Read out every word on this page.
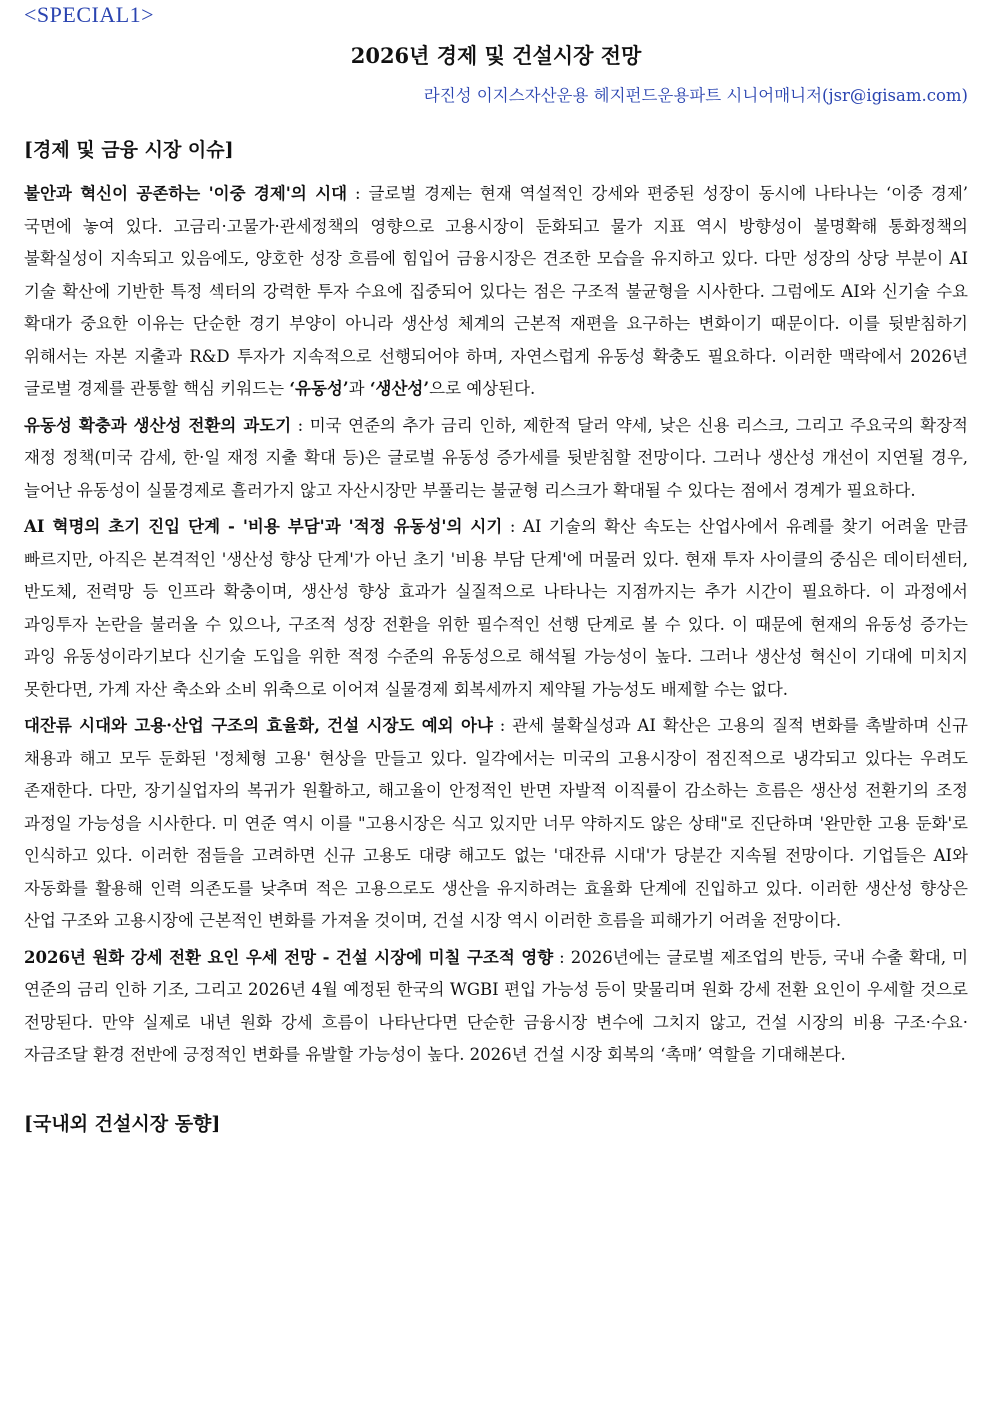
<SPECIAL1>
2026년 경제 및 건설시장 전망
라진성 이지스자산운용 헤지펀드운용파트 시니어매니저(jsr@igisam.com)
[경제 및 금융 시장 이슈]

불안과 혁신이 공존하는 '이중 경제'의 시대 : 글로벌 경제는 현재 역설적인 강세와 편중된 성장이 동시에 나타나는 ‘이중 경제’ 국면에 놓여 있다. 고금리·고물가·관세정책의 영향으로 고용시장이 둔화되고 물가 지표 역시 방향성이 불명확해 통화정책의 불확실성이 지속되고 있음에도, 양호한 성장 흐름에 힘입어 금융시장은 견조한 모습을 유지하고 있다. 다만 성장의 상당 부분이 AI 기술 확산에 기반한 특정 섹터의 강력한 투자 수요에 집중되어 있다는 점은 구조적 불균형을 시사한다. 그럼에도 AI와 신기술 수요 확대가 중요한 이유는 단순한 경기 부양이 아니라 생산성 체계의 근본적 재편을 요구하는 변화이기 때문이다. 이를 뒷받침하기 위해서는 자본 지출과 R&D 투자가 지속적으로 선행되어야 하며, 자연스럽게 유동성 확충도 필요하다. 이러한 맥락에서 2026년 글로벌 경제를 관통할 핵심 키워드는 ‘유동성’과 ‘생산성’으로 예상된다.

유동성 확충과 생산성 전환의 과도기 : 미국 연준의 추가 금리 인하, 제한적 달러 약세, 낮은 신용 리스크, 그리고 주요국의 확장적 재정 정책(미국 감세, 한·일 재정 지출 확대 등)은 글로벌 유동성 증가세를 뒷받침할 전망이다. 그러나 생산성 개선이 지연될 경우, 늘어난 유동성이 실물경제로 흘러가지 않고 자산시장만 부풀리는 불균형 리스크가 확대될 수 있다는 점에서 경계가 필요하다.

AI 혁명의 초기 진입 단계 - '비용 부담'과 '적정 유동성'의 시기 : AI 기술의 확산 속도는 산업사에서 유례를 찾기 어려울 만큼 빠르지만, 아직은 본격적인 '생산성 향상 단계'가 아닌 초기 '비용 부담 단계'에 머물러 있다. 현재 투자 사이클의 중심은 데이터센터, 반도체, 전력망 등 인프라 확충이며, 생산성 향상 효과가 실질적으로 나타나는 지점까지는 추가 시간이 필요하다. 이 과정에서 과잉투자 논란을 불러올 수 있으나, 구조적 성장 전환을 위한 필수적인 선행 단계로 볼 수 있다. 이 때문에 현재의 유동성 증가는 과잉 유동성이라기보다 신기술 도입을 위한 적정 수준의 유동성으로 해석될 가능성이 높다. 그러나 생산성 혁신이 기대에 미치지 못한다면, 가계 자산 축소와 소비 위축으로 이어져 실물경제 회복세까지 제약될 가능성도 배제할 수는 없다.

대잔류 시대와 고용·산업 구조의 효율화, 건설 시장도 예외 아냐 : 관세 불확실성과 AI 확산은 고용의 질적 변화를 촉발하며 신규 채용과 해고 모두 둔화된 '정체형 고용' 현상을 만들고 있다. 일각에서는 미국의 고용시장이 점진적으로 냉각되고 있다는 우려도 존재한다. 다만, 장기실업자의 복귀가 원활하고, 해고율이 안정적인 반면 자발적 이직률이 감소하는 흐름은 생산성 전환기의 조정 과정일 가능성을 시사한다. 미 연준 역시 이를 "고용시장은 식고 있지만 너무 약하지도 않은 상태"로 진단하며 '완만한 고용 둔화'로 인식하고 있다. 이러한 점들을 고려하면 신규 고용도 대량 해고도 없는 '대잔류 시대'가 당분간 지속될 전망이다. 기업들은 AI와 자동화를 활용해 인력 의존도를 낮추며 적은 고용으로도 생산을 유지하려는 효율화 단계에 진입하고 있다. 이러한 생산성 향상은 산업 구조와 고용시장에 근본적인 변화를 가져올 것이며, 건설 시장 역시 이러한 흐름을 피해가기 어려울 전망이다.

2026년 원화 강세 전환 요인 우세 전망 - 건설 시장에 미칠 구조적 영향 : 2026년에는 글로벌 제조업의 반등, 국내 수출 확대, 미 연준의 금리 인하 기조, 그리고 2026년 4월 예정된 한국의 WGBI 편입 가능성 등이 맞물리며 원화 강세 전환 요인이 우세할 것으로 전망된다. 만약 실제로 내년 원화 강세 흐름이 나타난다면 단순한 금융시장 변수에 그치지 않고, 건설 시장의 비용 구조·수요·자금조달 환경 전반에 긍정적인 변화를 유발할 가능성이 높다. 2026년 건설 시장 회복의 ‘촉매’ 역할을 기대해본다.

[국내외 건설시장 동향]
